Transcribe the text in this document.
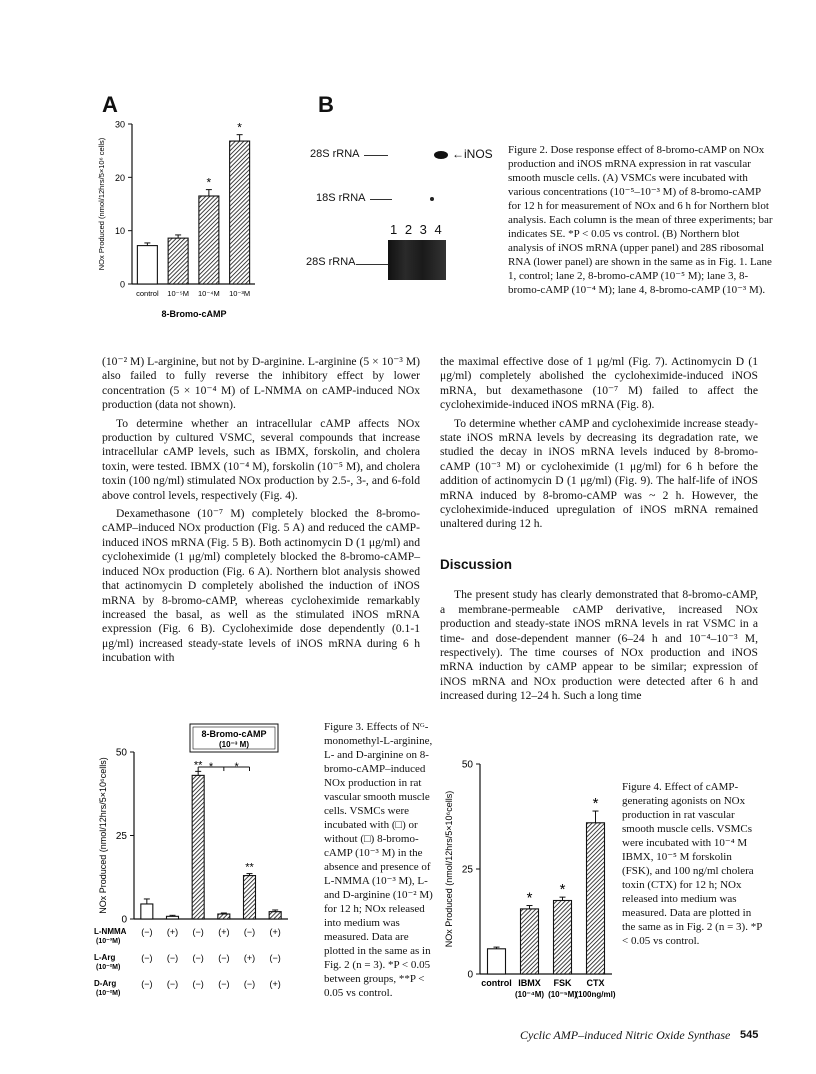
A	B
0
10
20
30
NOx Produced (nmol/12hrs/5×10⁶ cells)
control 10⁻⁵M
*
10⁻⁴M
*
10⁻³M
8-Bromo-cAMP
28S rRNA	←iNOS
18S rRNA
1 2 3 4
28S rRNA
Figure 2. Dose response effect of 8-bromo-cAMP on NOx production and iNOS mRNA expression in rat vascular smooth muscle cells. (A) VSMCs were incubated with various concentrations (10⁻⁵–10⁻³ M) of 8-bromo-cAMP for 12 h for measurement of NOx and 6 h for Northern blot analysis. Each column is the mean of three experiments; bar indicates SE. *P < 0.05 vs control. (B) Northern blot analysis of iNOS mRNA (upper panel) and 28S ribosomal RNA (lower panel) are shown in the same as in Fig. 1. Lane 1, control; lane 2, 8-bromo-cAMP (10⁻⁵ M); lane 3, 8-bromo-cAMP (10⁻⁴ M); lane 4, 8-bromo-cAMP (10⁻³ M).

(10⁻² M) L-arginine, but not by D-arginine. L-arginine (5 × 10⁻³ M) also failed to fully reverse the inhibitory effect by lower concentration (5 × 10⁻⁴ M) of L-NMMA on cAMP-induced NOx production (data not shown).

To determine whether an intracellular cAMP affects NOx production by cultured VSMC, several compounds that increase intracellular cAMP levels, such as IBMX, forskolin, and cholera toxin, were tested. IBMX (10⁻⁴ M), forskolin (10⁻⁵ M), and cholera toxin (100 ng/ml) stimulated NOx production by 2.5-, 3-, and 6-fold above control levels, respectively (Fig. 4).

Dexamethasone (10⁻⁷ M) completely blocked the 8-bromo-cAMP–induced NOx production (Fig. 5 A) and reduced the cAMP-induced iNOS mRNA (Fig. 5 B). Both actinomycin D (1 μg/ml) and cycloheximide (1 μg/ml) completely blocked the 8-bromo-cAMP–induced NOx production (Fig. 6 A). Northern blot analysis showed that actinomycin D completely abolished the induction of iNOS mRNA by 8-bromo-cAMP, whereas cycloheximide remarkably increased the basal, as well as the stimulated iNOS mRNA expression (Fig. 6 B). Cycloheximide dose dependently (0.1-1 μg/ml) increased steady-state levels of iNOS mRNA during 6 h incubation with

the maximal effective dose of 1 μg/ml (Fig. 7). Actinomycin D (1 μg/ml) completely abolished the cycloheximide-induced iNOS mRNA, but dexamethasone (10⁻⁷ M) failed to affect the cycloheximide-induced iNOS mRNA (Fig. 8).

To determine whether cAMP and cycloheximide increase steady-state iNOS mRNA levels by decreasing its degradation rate, we studied the decay in iNOS mRNA levels induced by 8-bromo-cAMP (10⁻³ M) or cycloheximide (1 μg/ml) for 6 h before the addition of actinomycin D (1 μg/ml) (Fig. 9). The half-life of iNOS mRNA induced by 8-bromo-cAMP was ~ 2 h. However, the cycloheximide-induced upregulation of iNOS mRNA remained unaltered during 12 h.

Discussion

The present study has clearly demonstrated that 8-bromo-cAMP, a membrane-permeable cAMP derivative, increased NOx production and steady-state iNOS mRNA levels in rat VSMC in a time- and dose-dependent manner (6–24 h and 10⁻⁴–10⁻³ M, respectively). The time courses of NOx production and iNOS mRNA induction by cAMP appear to be similar; expression of iNOS mRNA and NOx production were detected after 6 h and increased during 12–24 h. Such a long time

0
25
50
NOx Produced (nmol/12hrs/5×10⁶cells)	**
**
8-Bromo-cAMP
(10⁻³ M)
* *
L-NMMA
(10⁻³M)
(−) (+) (−) (+) (−) (+)
L-Arg
(10⁻²M)
(−) (−) (−) (−) (+) (−)
D-Arg
(10⁻²M)
(−) (−) (−) (−) (−) (+)
Figure 3. Effects of Nᴳ-monomethyl-L-arginine, L- and D-arginine on 8-bromo-cAMP–induced NOx production in rat vascular smooth muscle cells. VSMCs were incubated with (□) or without (□) 8-bromo-cAMP (10⁻³ M) in the absence and presence of L-NMMA (10⁻³ M), L- and D-arginine (10⁻² M) for 12 h; NOx released into medium was measured. Data are plotted in the same as in Fig. 2 (n = 3). *P < 0.05 between groups, **P < 0.05 vs control.
0
25
50
NOx Produced (nmol/12hrs/5×10⁶cells)
control
*
IBMX
(10⁻⁴M)
*
FSK
(10⁻⁵M)
*
CTX
(100ng/ml)
Figure 4. Effect of cAMP-generating agonists on NOx production in rat vascular smooth muscle cells. VSMCs were incubated with 10⁻⁴ M IBMX, 10⁻⁵ M forskolin (FSK), and 100 ng/ml cholera toxin (CTX) for 12 h; NOx released into medium was measured. Data are plotted in the same as in Fig. 2 (n = 3). *P < 0.05 vs control.
Cyclic AMP–induced Nitric Oxide Synthase 545
